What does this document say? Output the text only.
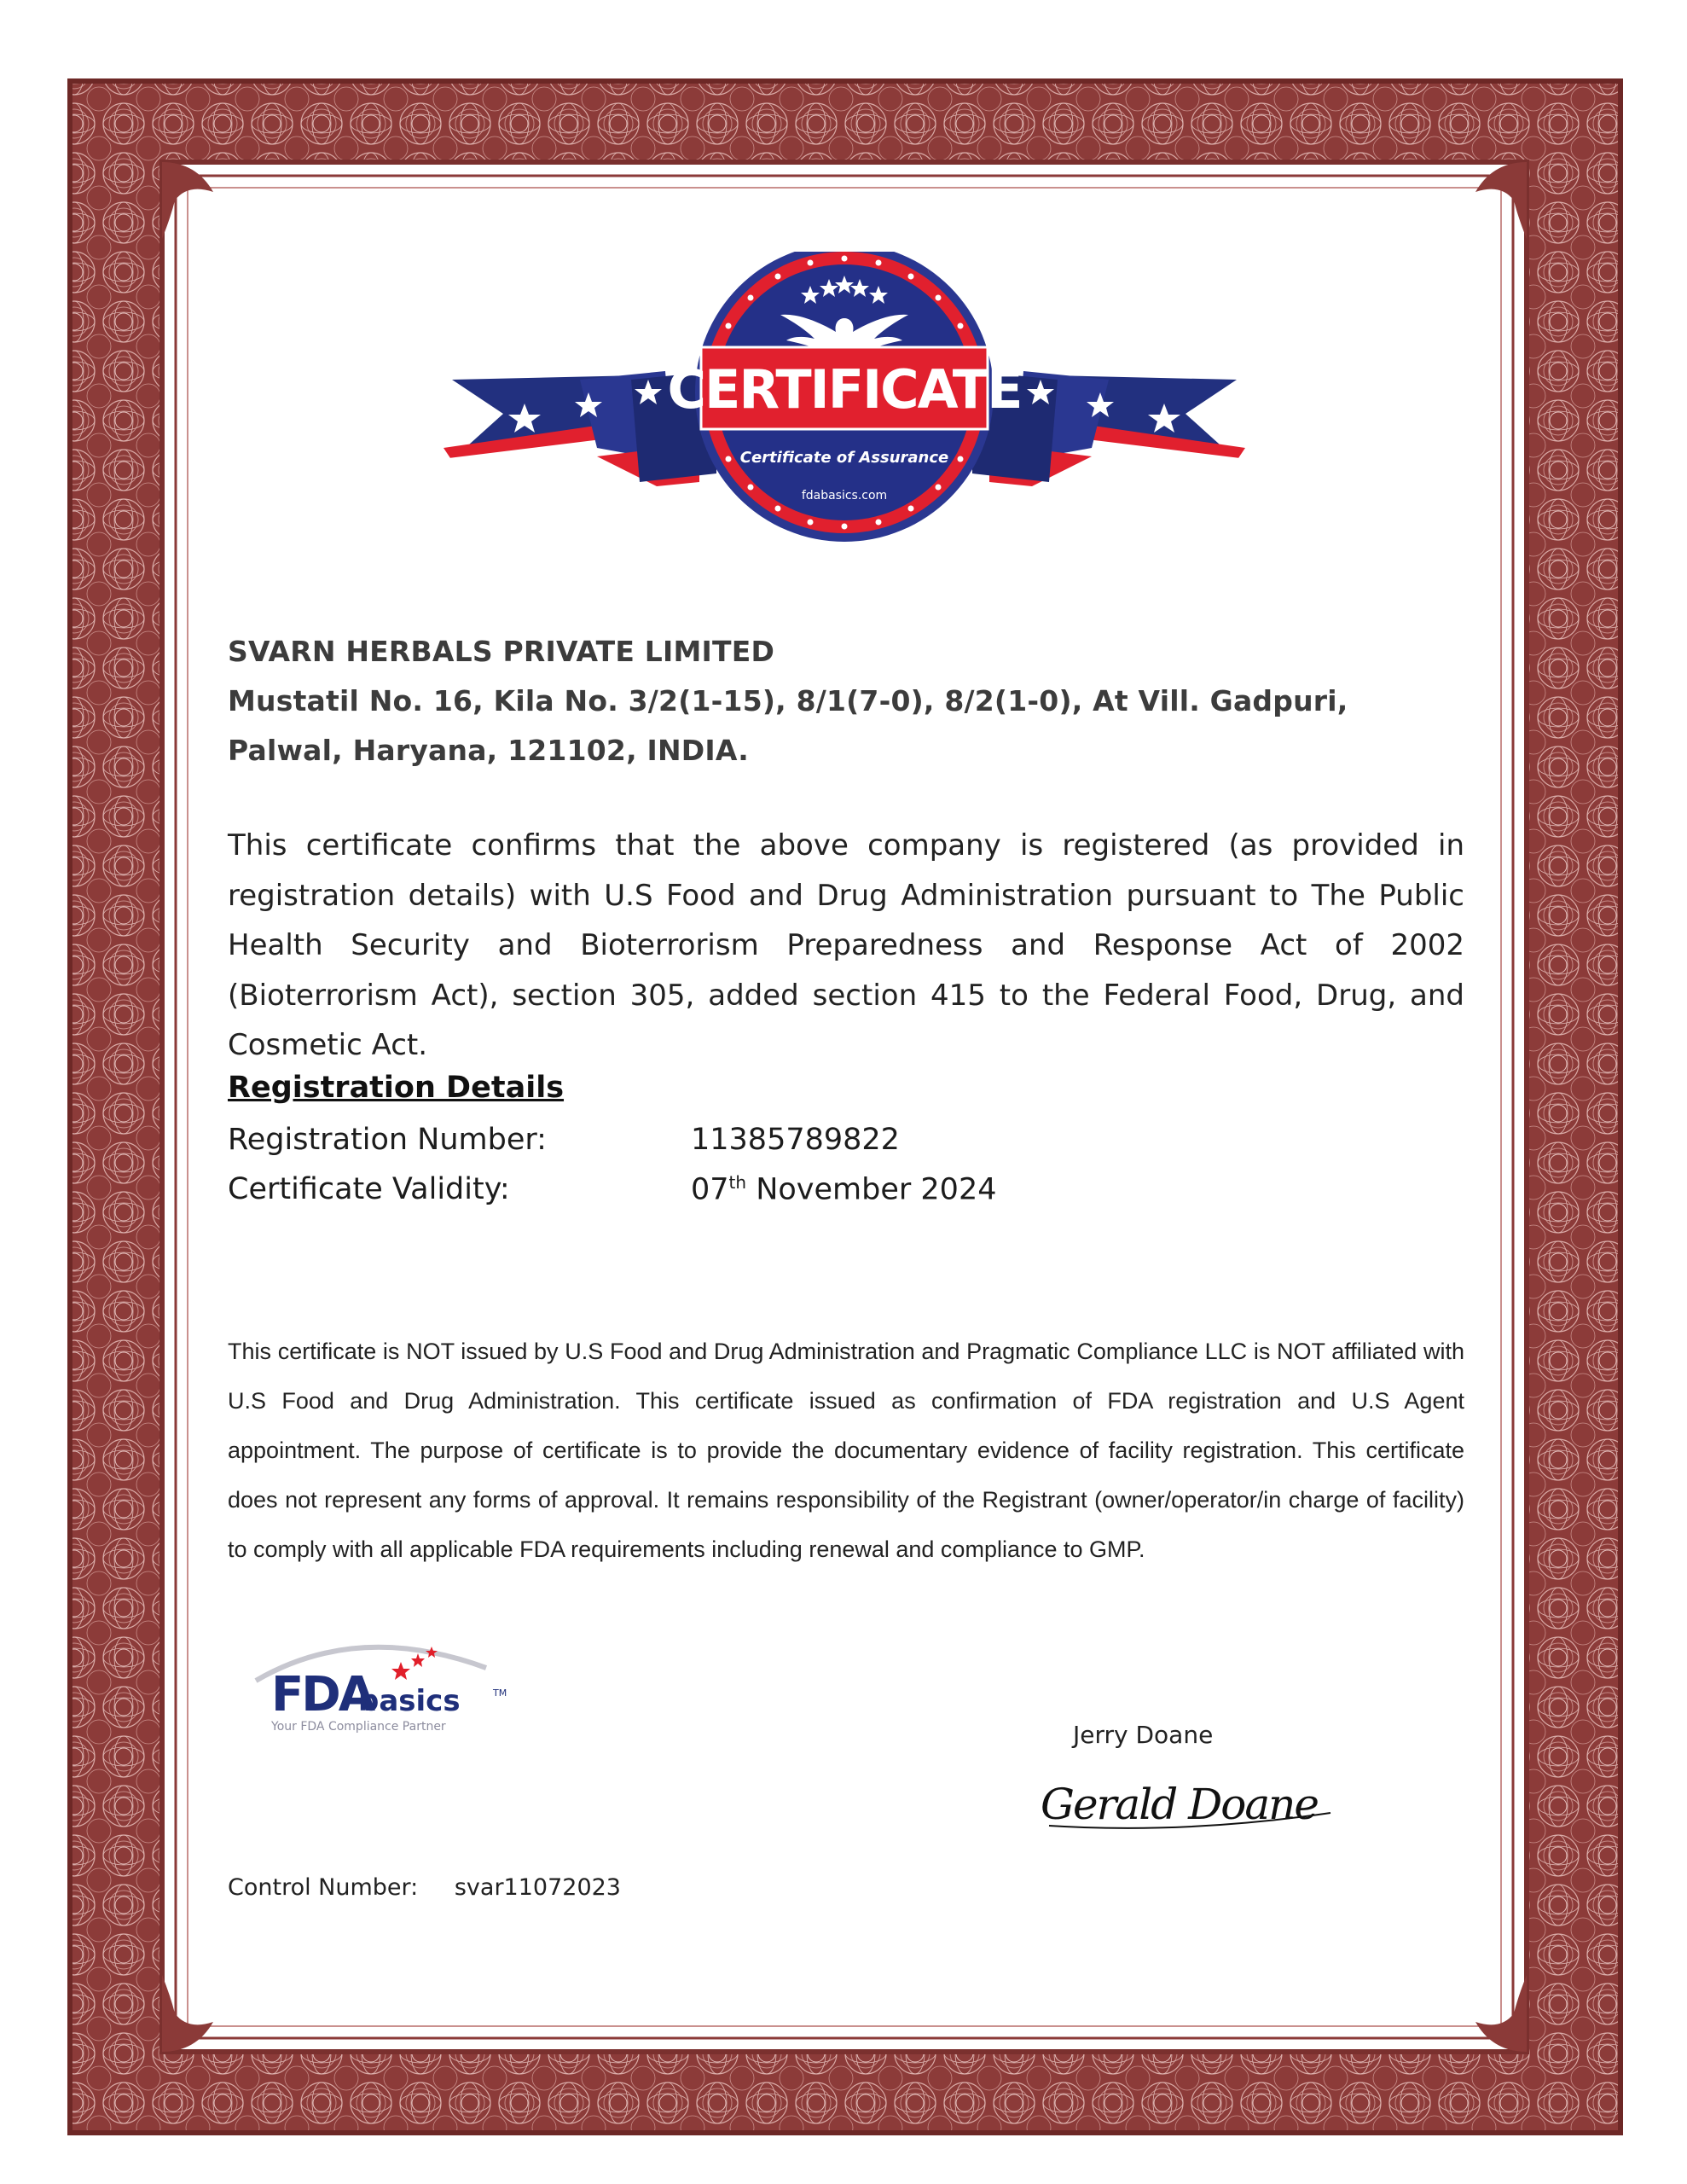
CERTIFICATE
Certificate of Assurance
fdabasics.com
SVARN HERBALS PRIVATE LIMITED
Mustatil No. 16, Kila No. 3/2(1-15), 8/1(7-0), 8/2(1-0), At Vill. Gadpuri,
Palwal, Haryana, 121102, INDIA.
This certificate confirms that the above company is registered (as provided in registration details) with U.S Food and Drug Administration pursuant to The Public Health Security and Bioterrorism Preparedness and Response Act of 2002 (Bioterrorism Act), section 305, added section 415 to the Federal Food, Drug, and Cosmetic Act.
Registration Details
Registration Number:	11385789822
Certificate Validity:	07th November 2024
This certificate is NOT issued by U.S Food and Drug Administration and Pragmatic Compliance LLC is NOT affiliated with U.S Food and Drug Administration. This certificate issued as confirmation of FDA registration and U.S Agent appointment. The purpose of certificate is to provide the documentary evidence of facility registration. This certificate does not represent any forms of approval. It remains responsibility of the Registrant (owner/operator/in charge of facility) to comply with all applicable FDA requirements including renewal and compliance to GMP.
FDA
basics	TM
Your FDA Compliance Partner	Jerry Doane
Gerald Doane
Control Number: svar11072023
